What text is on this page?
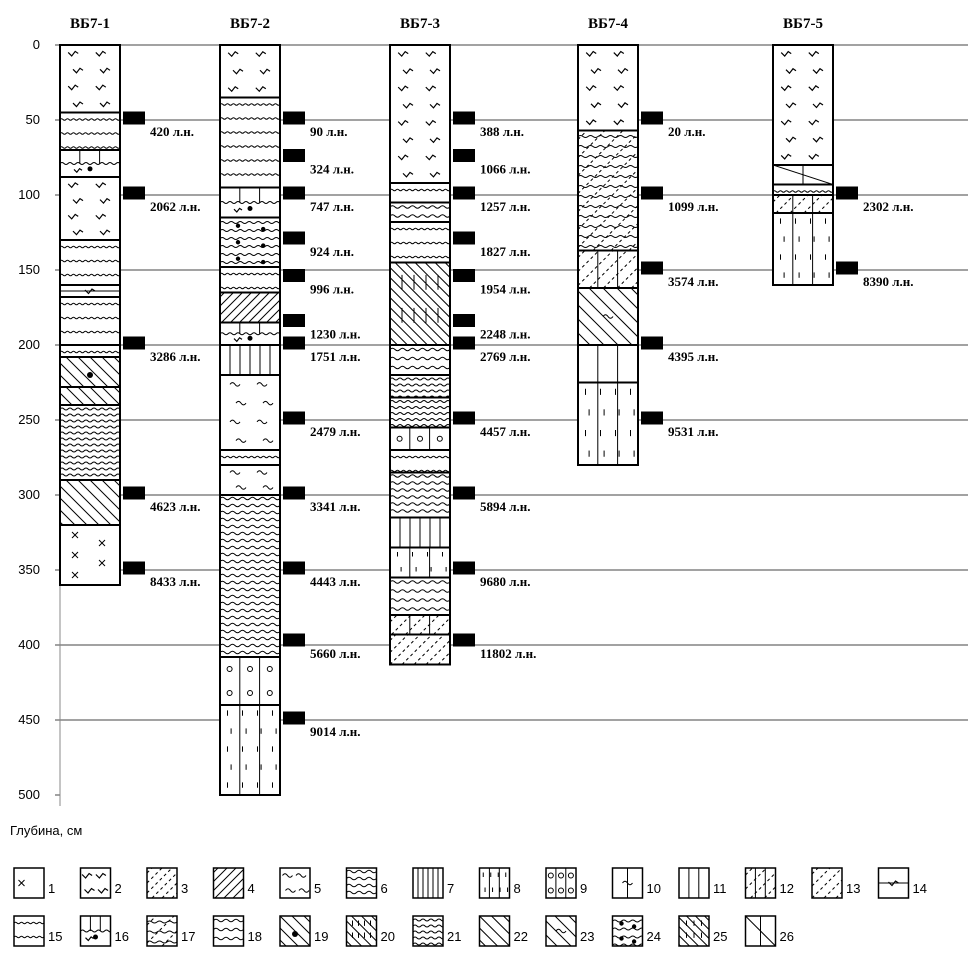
0
50
100
150
200
250
300
350
400
450
500
Глубина, см
ВБ7-1
420 л.н.
2062 л.н.
3286 л.н.
4623 л.н.
8433 л.н.
ВБ7-2
90 л.н.
324 л.н.
747 л.н.
924 л.н.
996 л.н.
1230 л.н.
1751 л.н.
2479 л.н.
3341 л.н.
4443 л.н.
5660 л.н.
9014 л.н.
ВБ7-3
388 л.н.
1066 л.н.
1257 л.н.
1827 л.н.
1954 л.н.
2248 л.н.
2769 л.н.
4457 л.н.
5894 л.н.
9680 л.н.
11802 л.н.
ВБ7-4
20 л.н.
1099 л.н.
3574 л.н.
4395 л.н.
9531 л.н.
ВБ7-5
2302 л.н.
8390 л.н.
1	2	3	4	5	6	7	8	9	10	11	12	13	14
15	16	17	18	19	20	21	22	23	24	25	26
